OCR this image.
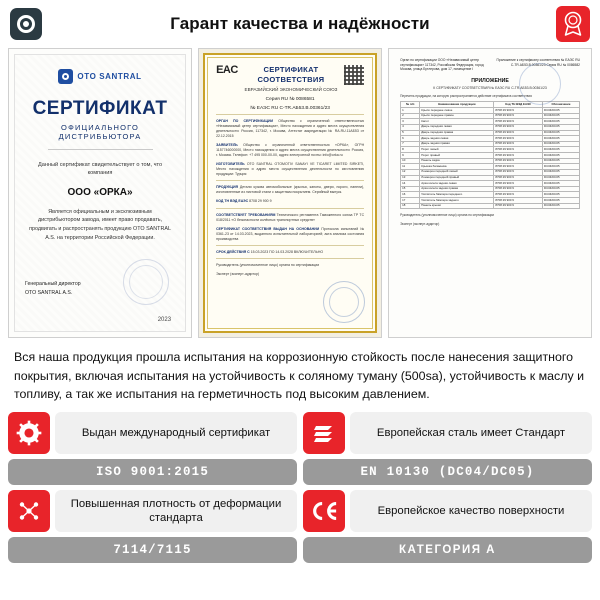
Гарант качества и надёжности
OTO SANTRAL
СЕРТИФИКАТ
ОФИЦИАЛЬНОГО ДИСТРИБЬЮТОРА
Данный сертификат свидетельствует о том, что компания
ООО «ОРКА»
Является официальным и эксклюзивным дистрибьютором завода, имеет право продавать, продвигать и распространять продукцию OTO SANTRAL A.S. на территории Российской Федерации.
Генеральный директор
OTO SANTRAL A.S.
2023
EAC	СЕРТИФИКАТ СООТВЕТСТВИЯ
ЕВРАЗИЙСКИЙ ЭКОНОМИЧЕСКИЙ СОЮЗ
Серия RU № 0086581
№ ЕАЭС RU C-TR.АБ53.В.00361/23
ОРГАН ПО СЕРТИФИКАЦИИ Общество с ограниченной ответственностью «Независимый центр сертификации», Место нахождения и адрес места осуществления деятельности: Россия, 117342, г. Москва, Аттестат аккредитации № RA.RU.11АБ53 от 22.12.2015
ЗАЯВИТЕЛЬ Общество с ограниченной ответственностью «ОРКА», ОГРН 1157746000000, Место нахождения и адрес места осуществления деятельности: Россия, г. Москва. Телефон: +7 495 000-00-00, адрес электронной почты: info@orka.ru
ИЗГОТОВИТЕЛЬ OTO SANTRAL OTOMOTIV SANAYI VE TICARET LIMITED SIRKETI, Место нахождения и адрес места осуществления деятельности по изготовлению продукции: Турция
ПРОДУКЦИЯ Детали кузова автомобильные (крылья, капоты, двери, пороги, панели), изготовленные из листовой стали с защитным покрытием. Серийный выпуск.
КОД ТН ВЭД ЕАЭС 8708 29 900 9
СООТВЕТСТВУЕТ ТРЕБОВАНИЯМ Технического регламента Таможенного союза ТР ТС 018/2011 «О безопасности колёсных транспортных средств»
СЕРТИФИКАТ СООТВЕТСТВИЯ ВЫДАН НА ОСНОВАНИИ Протокола испытаний № 0361-23 от 14.03.2023, выданного испытательной лабораторией; акта анализа состояния производства
СРОК ДЕЙСТВИЯ С 15.03.2023 ПО 14.03.2028 ВКЛЮЧИТЕЛЬНО
Руководитель (уполномоченное лицо) органа по сертификации
Эксперт (эксперт-аудитор)
Орган по сертификации ООО «Независимый центр сертификации» 117342, Российская Федерация, город Москва, улица Бутлерова, дом 17, помещение I
Приложение к сертификату соответствия № ЕАЭС RU C-TR.АБ53.В.00361/23 Серия RU № 0086582
ПРИЛОЖЕНИЕ
К СЕРТИФИКАТУ СООТВЕТСТВИЯ № ЕАЭС RU C-TR.АБ53.В.00361/23
Перечень продукции, на которую распространяется действие сертификата соответствия
№ п/п	Наименование продукции	Код ТН ВЭД ЕАЭС	Обозначение
1	Крыло переднее левое	8708 29 900 9	DC04/DC05
2	Крыло переднее правое	8708 29 900 9	DC04/DC05
3	Капот	8708 29 900 9	DC04/DC05
4	Дверь передняя левая	8708 29 900 9	DC04/DC05
5	Дверь передняя правая	8708 29 900 9	DC04/DC05
6	Дверь задняя левая	8708 29 900 9	DC04/DC05
7	Дверь задняя правая	8708 29 900 9	DC04/DC05
8	Порог левый	8708 29 900 9	DC04/DC05
9	Порог правый	8708 29 900 9	DC04/DC05
10	Панель задка	8708 29 900 9	DC04/DC05
11	Крышка багажника	8708 29 900 9	DC04/DC05
12	Лонжерон передний левый	8708 29 900 9	DC04/DC05
13	Лонжерон передний правый	8708 29 900 9	DC04/DC05
14	Арка колеса задняя левая	8708 29 900 9	DC04/DC05
15	Арка колеса задняя правая	8708 29 900 9	DC04/DC05
16	Усилитель бампера переднего	8708 29 900 9	DC04/DC05
17	Усилитель бампера заднего	8708 29 900 9	DC04/DC05
18	Панель крыши	8708 29 900 9	DC04/DC05
Руководитель (уполномоченное лицо) органа по сертификации
Эксперт (эксперт-аудитор)
Вся наша продукция прошла испытания на коррозионную стойкость после нанесения защитного покрытия, включая испытания на устойчивость к соляному туману (500sa), устойчивость к маслу и топливу, а так же испытания на герметичность под высоким давлением.
Выдан международный сертификат	Европейская сталь имеет Стандарт
ISO 9001:2015	EN 10130 (DC04/DC05)
Повышенная плотность от деформации стандарта
Европейское качество поверхности
7114/7115	КАТЕГОРИЯ А
